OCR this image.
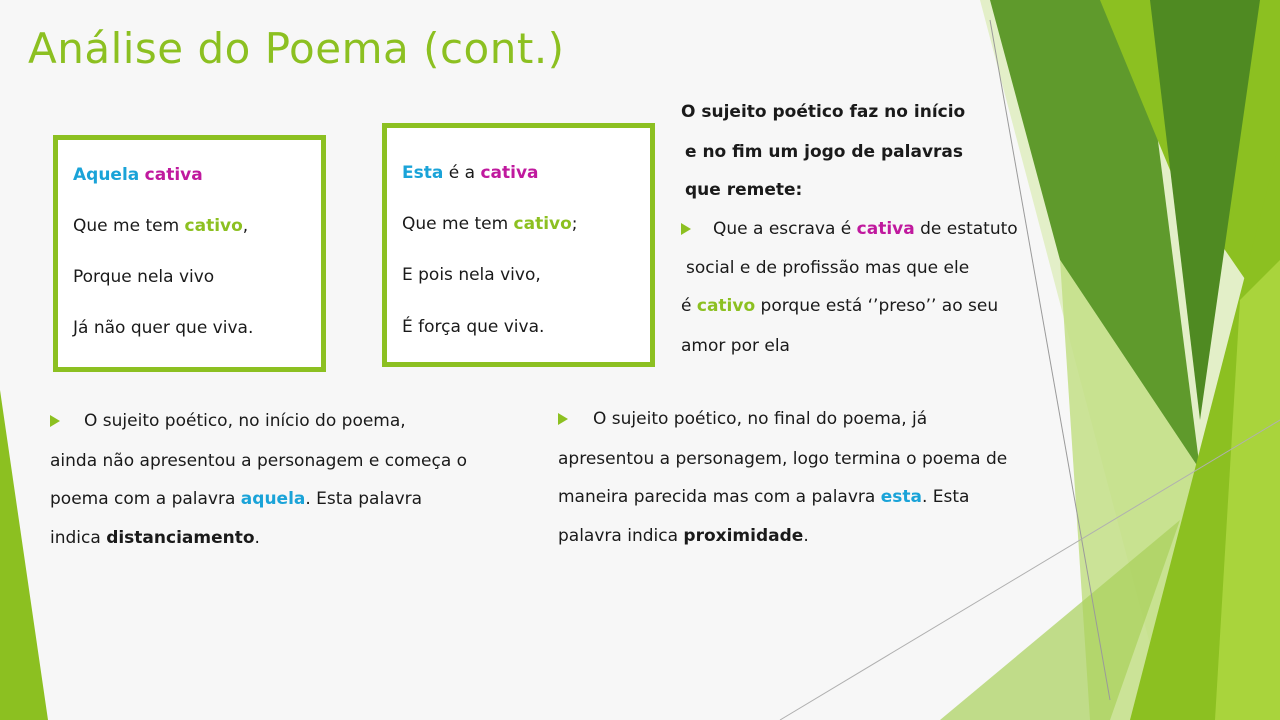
Análise do Poema (cont.)

Aquela cativa

Que me tem cativo,

Porque nela vivo

Já não quer que viva.

Esta é a cativa

Que me tem cativo;

E pois nela vivo,

É força que viva.

O sujeito poético faz no início
e no fim um jogo de palavras
que remete:
Que a escrava é cativa de estatuto
social e de profissão mas que ele
é cativo porque está ‘’preso’’ ao seu
amor por ela
O sujeito poético, no início do poema,
ainda não apresentou a personagem e começa o
poema com a palavra aquela. Esta palavra
indica distanciamento.
O sujeito poético, no final do poema, já
apresentou a personagem, logo termina o poema de
maneira parecida mas com a palavra esta. Esta
palavra indica proximidade.
